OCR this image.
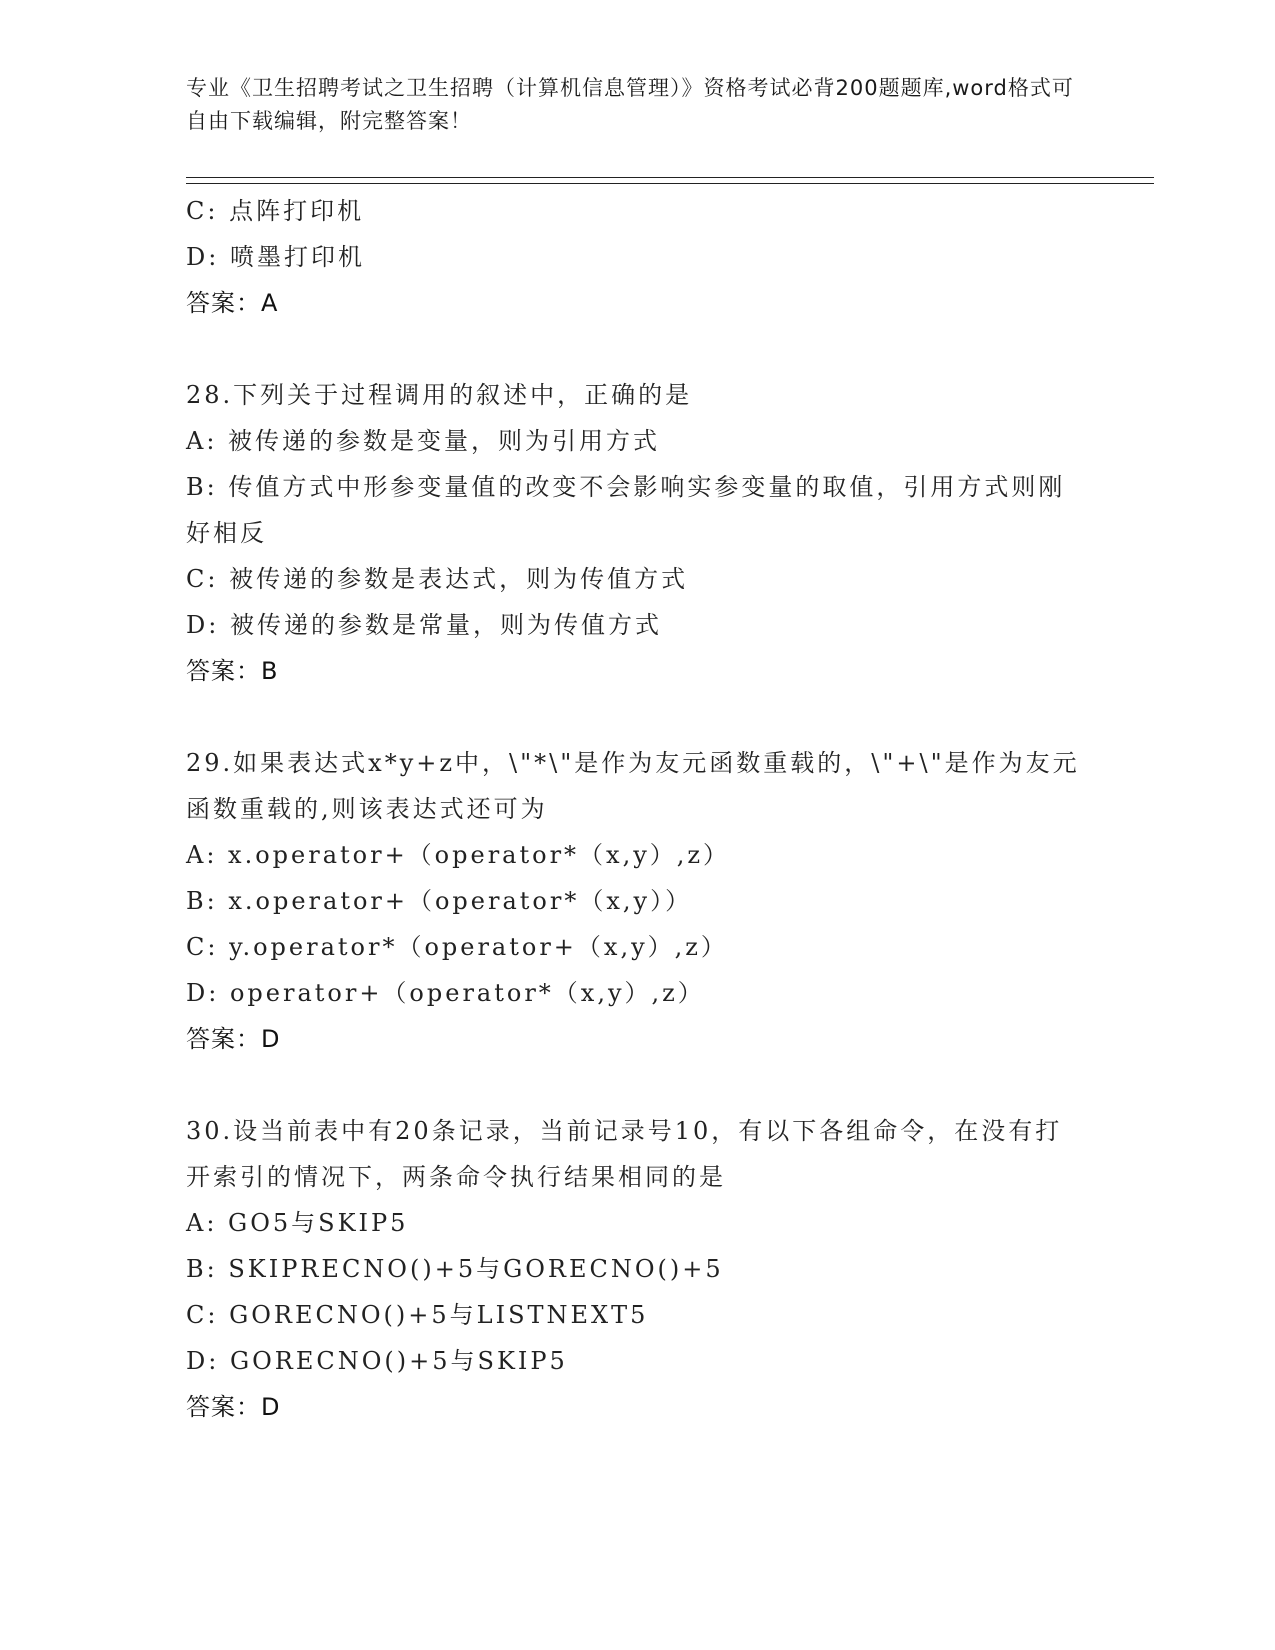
专业《卫生招聘考试之卫生招聘（计算机信息管理）》资格考试必背200题题库,word格式可自由下载编辑，附完整答案！
C: 点阵打印机
D: 喷墨打印机
答案：A
28.下列关于过程调用的叙述中，正确的是
A: 被传递的参数是变量，则为引用方式
B: 传值方式中形参变量值的改变不会影响实参变量的取值，引用方式则刚好相反
C: 被传递的参数是表达式，则为传值方式
D: 被传递的参数是常量，则为传值方式
答案：B
29.如果表达式x*y+z中，\"*\"是作为友元函数重载的，\"+\"是作为友元函数重载的,则该表达式还可为
A: x.operator+（operator*（x,y）,z）
B: x.operator+（operator*（x,y））
C: y.operator*（operator+（x,y）,z）
D: operator+（operator*（x,y）,z）
答案：D
30.设当前表中有20条记录，当前记录号10，有以下各组命令，在没有打开索引的情况下，两条命令执行结果相同的是
A: GO5与SKIP5
B: SKIPRECNO()+5与GORECNO()+5
C: GORECNO()+5与LISTNEXT5
D: GORECNO()+5与SKIP5
答案：D
